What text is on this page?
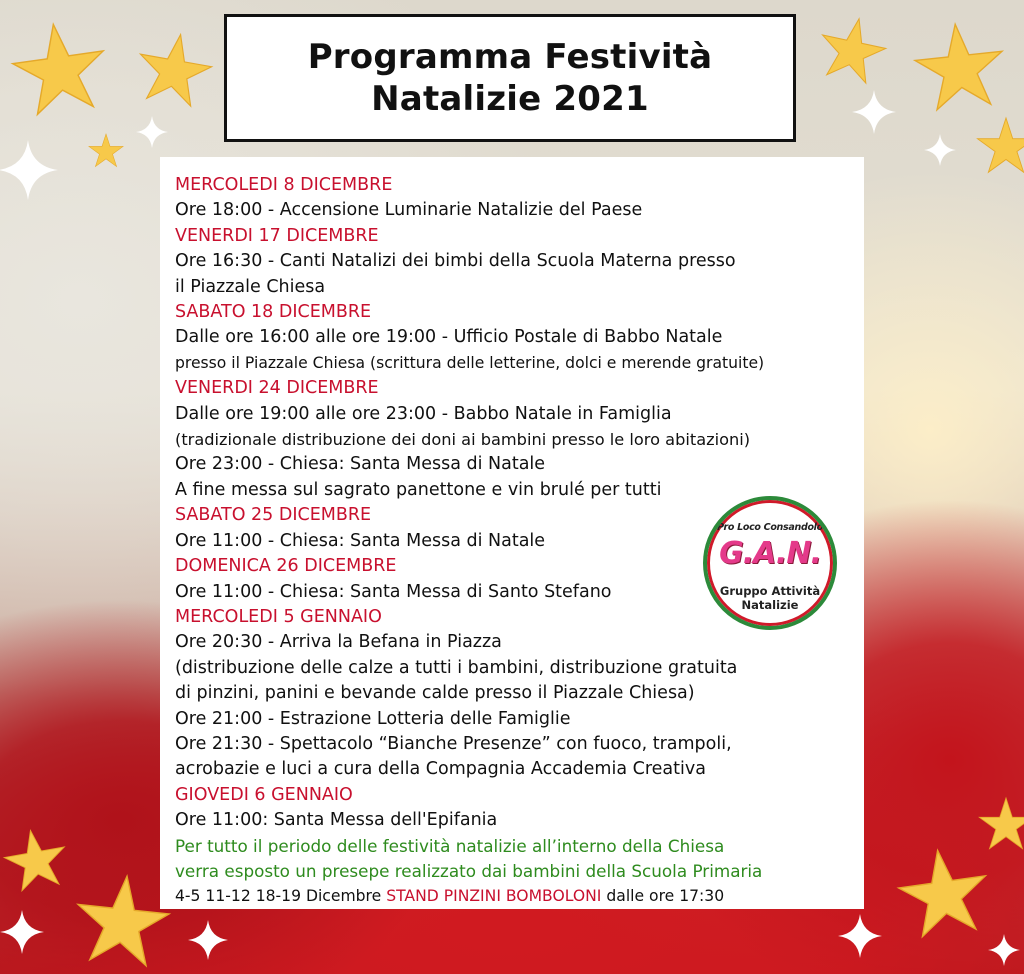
Programma Festività
Natalizie 2021
MERCOLEDI 8 DICEMBRE
Ore 18:00 - Accensione Luminarie Natalizie del Paese
VENERDI 17 DICEMBRE
Ore 16:30 - Canti Natalizi dei bimbi della Scuola Materna presso
il Piazzale Chiesa
SABATO 18 DICEMBRE
Dalle ore 16:00 alle ore 19:00 - Ufficio Postale di Babbo Natale
presso il Piazzale Chiesa (scrittura delle letterine, dolci e merende gratuite)
VENERDI 24 DICEMBRE
Dalle ore 19:00 alle ore 23:00 - Babbo Natale in Famiglia
(tradizionale distribuzione dei doni ai bambini presso le loro abitazioni)
Ore 23:00 - Chiesa: Santa Messa di Natale
A fine messa sul sagrato panettone e vin brulé per tutti
SABATO 25 DICEMBRE
Ore 11:00 - Chiesa: Santa Messa di Natale
DOMENICA 26 DICEMBRE
Ore 11:00 - Chiesa: Santa Messa di Santo Stefano
MERCOLEDI 5 GENNAIO
Ore 20:30 - Arriva la Befana in Piazza
(distribuzione delle calze a tutti i bambini, distribuzione gratuita
di pinzini, panini e bevande calde presso il Piazzale Chiesa)
Ore 21:00 - Estrazione Lotteria delle Famiglie
Ore 21:30 - Spettacolo “Bianche Presenze” con fuoco, trampoli,
acrobazie e luci a cura della Compagnia Accademia Creativa
GIOVEDI 6 GENNAIO
Ore 11:00: Santa Messa dell'Epifania
Per tutto il periodo delle festività natalizie all’interno della Chiesa
verra esposto un presepe realizzato dai bambini della Scuola Primaria
4-5 11-12 18-19 Dicembre STAND PINZINI BOMBOLONI dalle ore 17:30
Pro Loco Consandolo
G.A.N.
Gruppo Attività Natalizie
